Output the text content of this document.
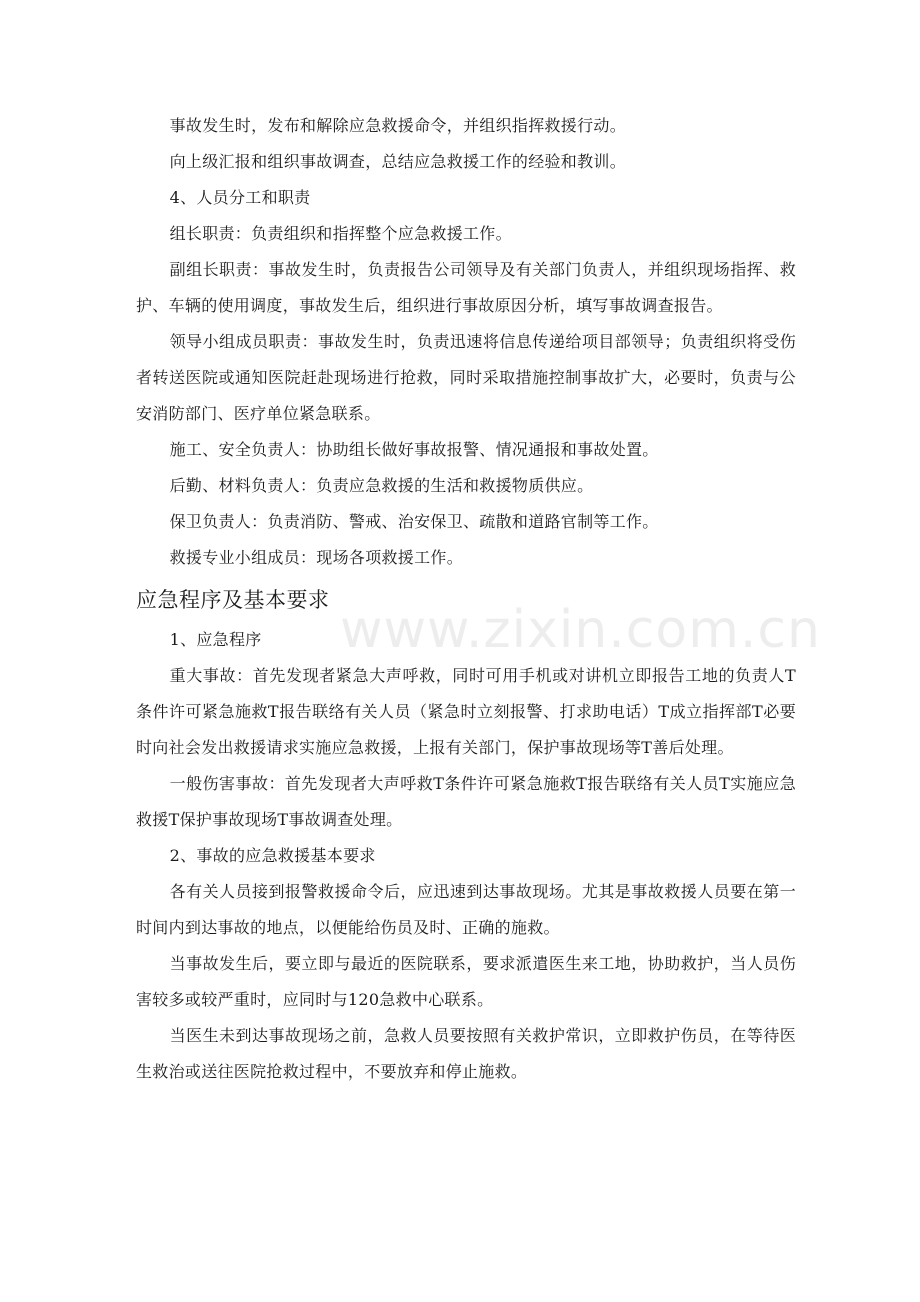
www.zixin.com.cn

事故发生时，发布和解除应急救援命令，并组织指挥救援行动。

向上级汇报和组织事故调查，总结应急救援工作的经验和教训。

4、人员分工和职责

组长职责：负责组织和指挥整个应急救援工作。

副组长职责：事故发生时，负责报告公司领导及有关部门负责人，并组织现场指挥、救护、车辆的使用调度，事故发生后，组织进行事故原因分析，填写事故调查报告。

领导小组成员职责：事故发生时，负责迅速将信息传递给项目部领导；负责组织将受伤者转送医院或通知医院赶赴现场进行抢救，同时采取措施控制事故扩大，必要时，负责与公安消防部门、医疗单位紧急联系。

施工、安全负责人：协助组长做好事故报警、情况通报和事故处置。

后勤、材料负责人：负责应急救援的生活和救援物质供应。

保卫负责人：负责消防、警戒、治安保卫、疏散和道路官制等工作。

救援专业小组成员：现场各项救援工作。

应急程序及基本要求

1、应急程序

重大事故：首先发现者紧急大声呼救，同时可用手机或对讲机立即报告工地的负责人T条件许可紧急施救T报告联络有关人员（紧急时立刻报警、打求助电话）T成立指挥部T必要时向社会发出救援请求实施应急救援，上报有关部门，保护事故现场等T善后处理。

一般伤害事故：首先发现者大声呼救T条件许可紧急施救T报告联络有关人员T实施应急救援T保护事故现场T事故调查处理。

2、事故的应急救援基本要求

各有关人员接到报警救援命令后，应迅速到达事故现场。尤其是事故救援人员要在第一时间内到达事故的地点，以便能给伤员及时、正确的施救。

当事故发生后，要立即与最近的医院联系，要求派遣医生来工地，协助救护，当人员伤害较多或较严重时，应同时与120急救中心联系。

当医生未到达事故现场之前，急救人员要按照有关救护常识，立即救护伤员，在等待医生救治或送往医院抢救过程中，不要放弃和停止施救。
